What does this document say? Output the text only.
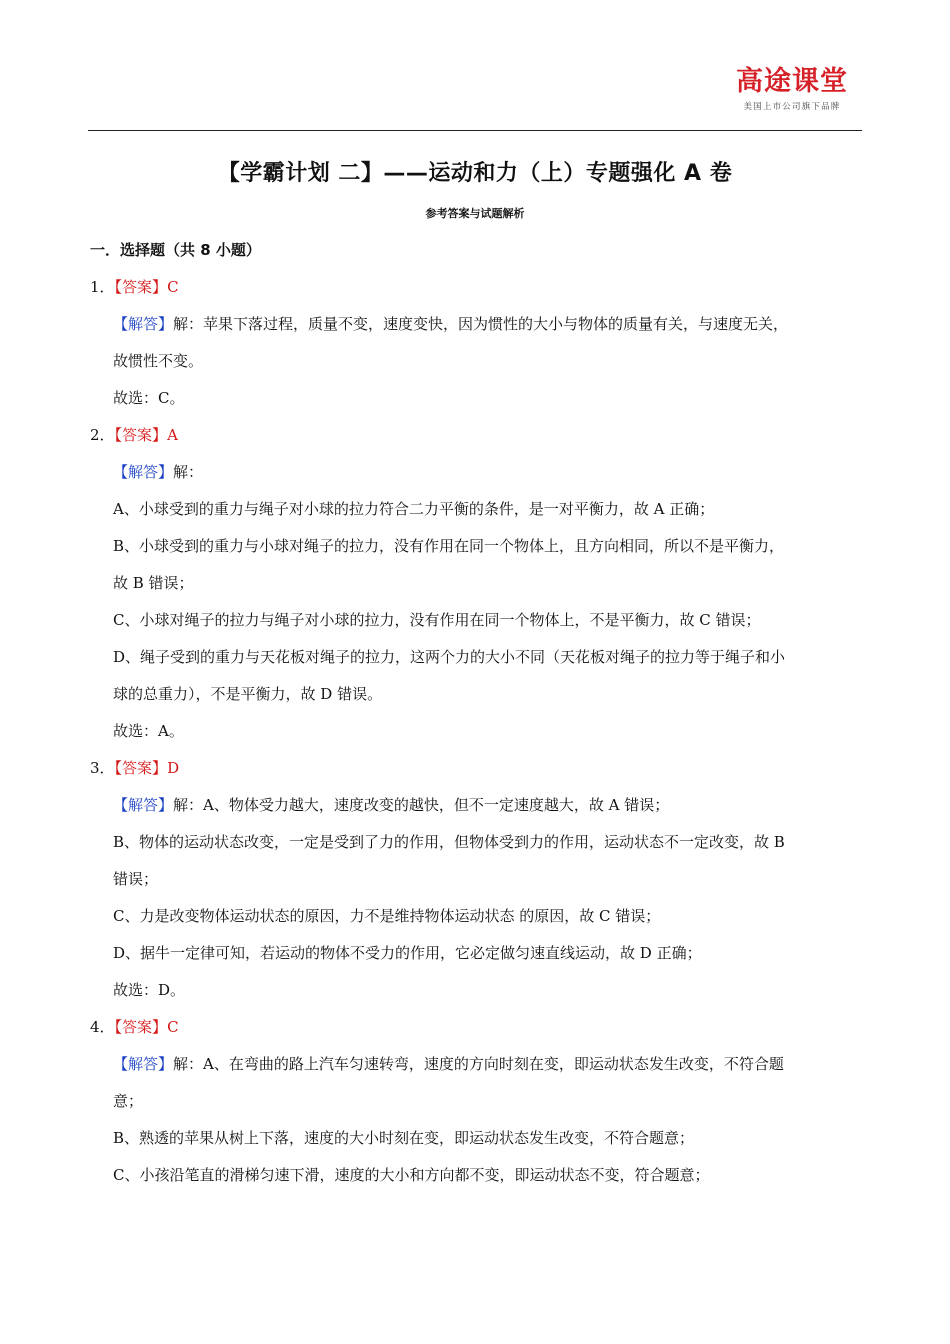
高途课堂
美国上市公司旗下品牌
【学霸计划 二】——运动和力（上）专题强化 A 卷
参考答案与试题解析
一．选择题（共 8 小题）
1．【答案】C
【解答】解：苹果下落过程，质量不变，速度变快，因为惯性的大小与物体的质量有关，与速度无关，
故惯性不变。
故选：C。
2．【答案】A
【解答】解：
A、小球受到的重力与绳子对小球的拉力符合二力平衡的条件，是一对平衡力，故 A 正确；
B、小球受到的重力与小球对绳子的拉力，没有作用在同一个物体上，且方向相同，所以不是平衡力，
故 B 错误；
C、小球对绳子的拉力与绳子对小球的拉力，没有作用在同一个物体上，不是平衡力，故 C 错误；
D、绳子受到的重力与天花板对绳子的拉力，这两个力的大小不同（天花板对绳子的拉力等于绳子和小
球的总重力），不是平衡力，故 D 错误。
故选：A。
3．【答案】D
【解答】解：A、物体受力越大，速度改变的越快，但不一定速度越大，故 A 错误；
B、物体的运动状态改变，一定是受到了力的作用，但物体受到力的作用，运动状态不一定改变，故 B
错误；
C、力是改变物体运动状态的原因，力不是维持物体运动状态 的原因，故 C 错误；
D、据牛一定律可知，若运动的物体不受力的作用，它必定做匀速直线运动，故 D 正确；
故选：D。
4．【答案】C
【解答】解：A、在弯曲的路上汽车匀速转弯，速度的方向时刻在变，即运动状态发生改变，不符合题
意；
B、熟透的苹果从树上下落，速度的大小时刻在变，即运动状态发生改变，不符合题意；
C、小孩沿笔直的滑梯匀速下滑，速度的大小和方向都不变，即运动状态不变，符合题意；
